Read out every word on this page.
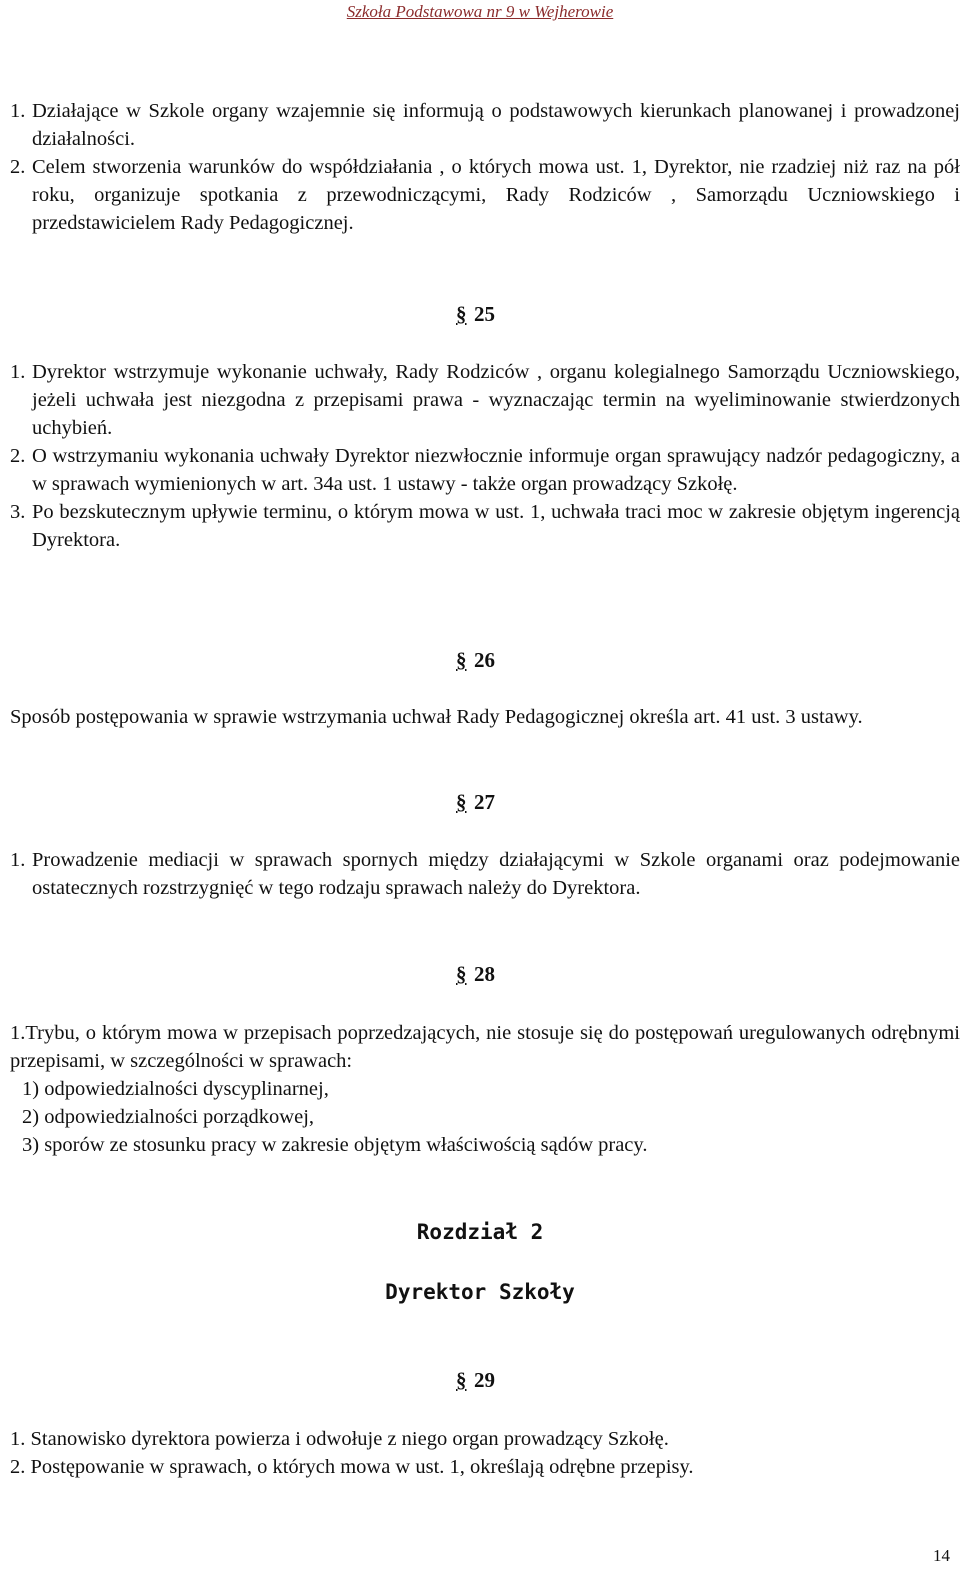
Szkoła Podstawowa nr 9 w Wejherowie
1. Działające w Szkole organy wzajemnie się informują o podstawowych kierunkach planowanej i prowadzonej działalności.
2. Celem stworzenia warunków do współdziałania , o których mowa ust. 1, Dyrektor, nie rzadziej niż raz na pół roku, organizuje spotkania z przewodniczącymi, Rady Rodziców , Samorządu Uczniowskiego i przedstawicielem Rady Pedagogicznej.
§ 25
1. Dyrektor wstrzymuje wykonanie uchwały, Rady Rodziców , organu kolegialnego Samorządu Uczniowskiego, jeżeli uchwała jest niezgodna z przepisami prawa - wyznaczając termin na wyeliminowanie stwierdzonych uchybień.
2. O wstrzymaniu wykonania uchwały Dyrektor niezwłocznie informuje organ sprawujący nadzór pedagogiczny, a w sprawach wymienionych w art. 34a ust. 1 ustawy - także organ prowadzący Szkołę.
3. Po bezskutecznym upływie terminu, o którym mowa w ust. 1, uchwała traci moc w zakresie objętym ingerencją Dyrektora.
§ 26
Sposób postępowania w sprawie wstrzymania uchwał Rady Pedagogicznej określa art. 41 ust. 3 ustawy.
§ 27
1. Prowadzenie mediacji w sprawach spornych między działającymi w Szkole organami oraz podejmowanie ostatecznych rozstrzygnięć w tego rodzaju sprawach należy do Dyrektora.
§ 28
1.Trybu, o którym mowa w przepisach poprzedzających, nie stosuje się do postępowań uregulowanych odrębnymi przepisami, w szczególności w sprawach:
1) odpowiedzialności dyscyplinarnej,
2) odpowiedzialności porządkowej,
3) sporów ze stosunku pracy w zakresie objętym właściwością sądów pracy.
Rozdział 2
Dyrektor Szkoły
§ 29
1. Stanowisko dyrektora powierza i odwołuje z niego organ prowadzący Szkołę.
2. Postępowanie w sprawach, o których mowa w ust. 1, określają odrębne przepisy.
14
